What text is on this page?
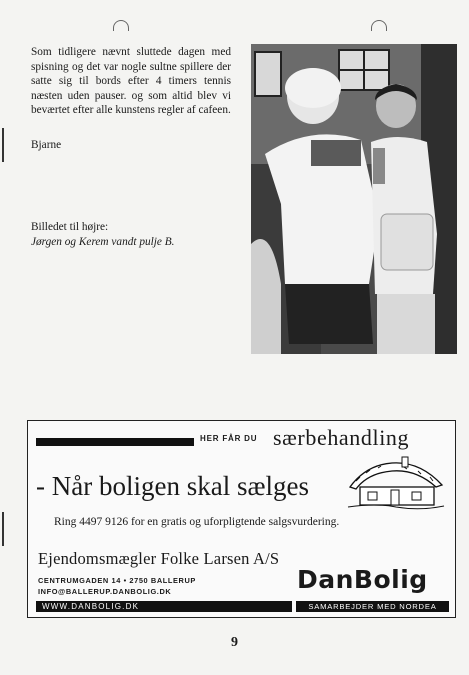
Som tidligere nævnt sluttede dagen med spisning og det var nogle sultne spillere der satte sig til bords efter 4 timers tennis næsten uden pauser. og som altid blev vi beværtet efter alle kunstens regler af cafeen.

Bjarne
Billedet til højre:
Jørgen og Kerem vandt pulje B.
HER FÅR DU særbehandling
- Når boligen skal sælges
Ring 4497 9126 for en gratis og uforpligtende salgsvurdering.
Ejendomsmægler Folke Larsen A/S
CENTRUMGADEN 14 • 2750 BALLERUP
INFO@BALLERUP.DANBOLIG.DK	DanBolig
WWW.DANBOLIG.DK	SAMARBEJDER MED NORDEA
9
